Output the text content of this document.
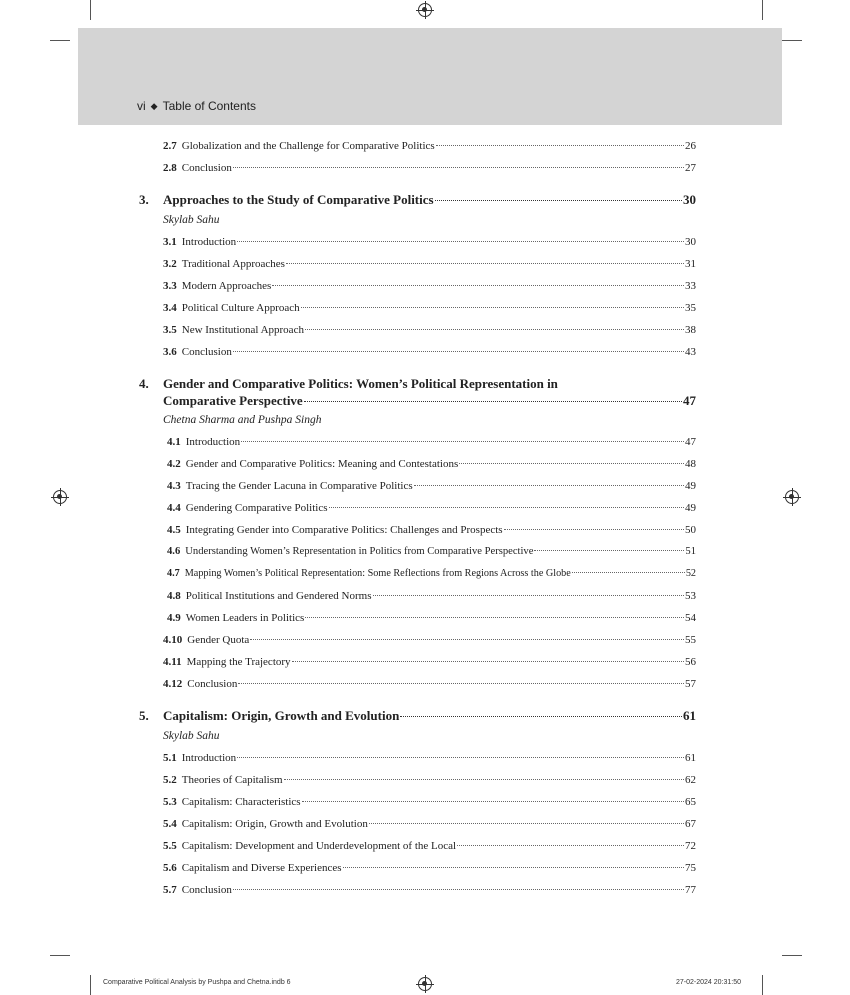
vi ◆ Table of Contents
2.7 Globalization and the Challenge for Comparative Politics	26
2.8 Conclusion	27
3.	Approaches to the Study of Comparative Politics	30
Skylab Sahu
3.1 Introduction	30
3.2 Traditional Approaches	31
3.3 Modern Approaches	33
3.4 Political Culture Approach	35
3.5 New Institutional Approach	38
3.6 Conclusion	43
4. Gender and Comparative Politics: Women’s Political Representation in
Comparative Perspective	47
Chetna Sharma and Pushpa Singh
4.1 Introduction	47
4.2 Gender and Comparative Politics: Meaning and Contestations	48
4.3 Tracing the Gender Lacuna in Comparative Politics	49
4.4 Gendering Comparative Politics	49
4.5 Integrating Gender into Comparative Politics: Challenges and Prospects	50
4.6 Understanding Women’s Representation in Politics from Comparative Perspective	51
4.7 Mapping Women’s Political Representation: Some Reflections from Regions Across the Globe	52
4.8 Political Institutions and Gendered Norms	53
4.9 Women Leaders in Politics	54
4.10 Gender Quota	55
4.11 Mapping the Trajectory	56
4.12 Conclusion	57
5.	Capitalism: Origin, Growth and Evolution	61
Skylab Sahu
5.1 Introduction	61
5.2 Theories of Capitalism	62
5.3 Capitalism: Characteristics	65
5.4 Capitalism: Origin, Growth and Evolution	67
5.5 Capitalism: Development and Underdevelopment of the Local	72
5.6 Capitalism and Diverse Experiences	75
5.7 Conclusion	77
Comparative Political Analysis by Pushpa and Chetna.indb 6	27-02-2024 20:31:50
